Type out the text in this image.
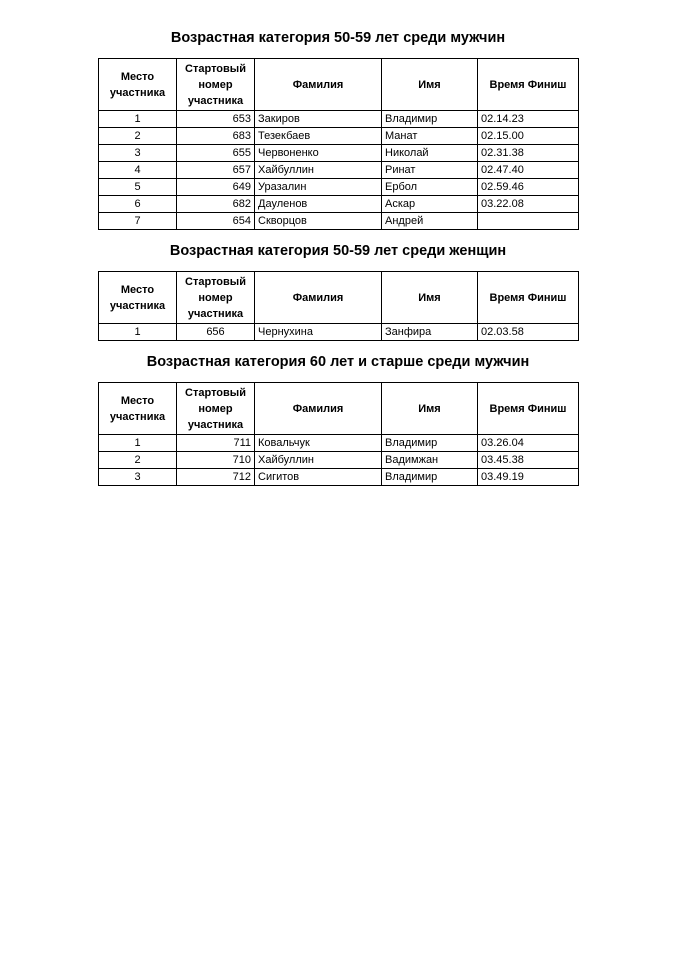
Возрастная категория 50-59 лет среди мужчин
Место участника	Стартовый номер участника	Фамилия	Имя	Время Финиш
1	653	Закиров	Владимир	02.14.23
2	683	Тезекбаев	Манат	02.15.00
3	655	Червоненко	Николай	02.31.38
4	657	Хайбуллин	Ринат	02.47.40
5	649	Уразалин	Ербол	02.59.46
6	682	Дауленов	Аскар	03.22.08
7	654	Скворцов	Андрей	
Возрастная категория 50-59 лет среди женщин
Место участника	Стартовый номер участника	Фамилия	Имя	Время Финиш
1	656	Чернухина	Занфира	02.03.58
Возрастная категория 60 лет и старше среди мужчин
Место участника	Стартовый номер участника	Фамилия	Имя	Время Финиш
1	711	Ковальчук	Владимир	03.26.04
2	710	Хайбуллин	Вадимжан	03.45.38
3	712	Сигитов	Владимир	03.49.19
